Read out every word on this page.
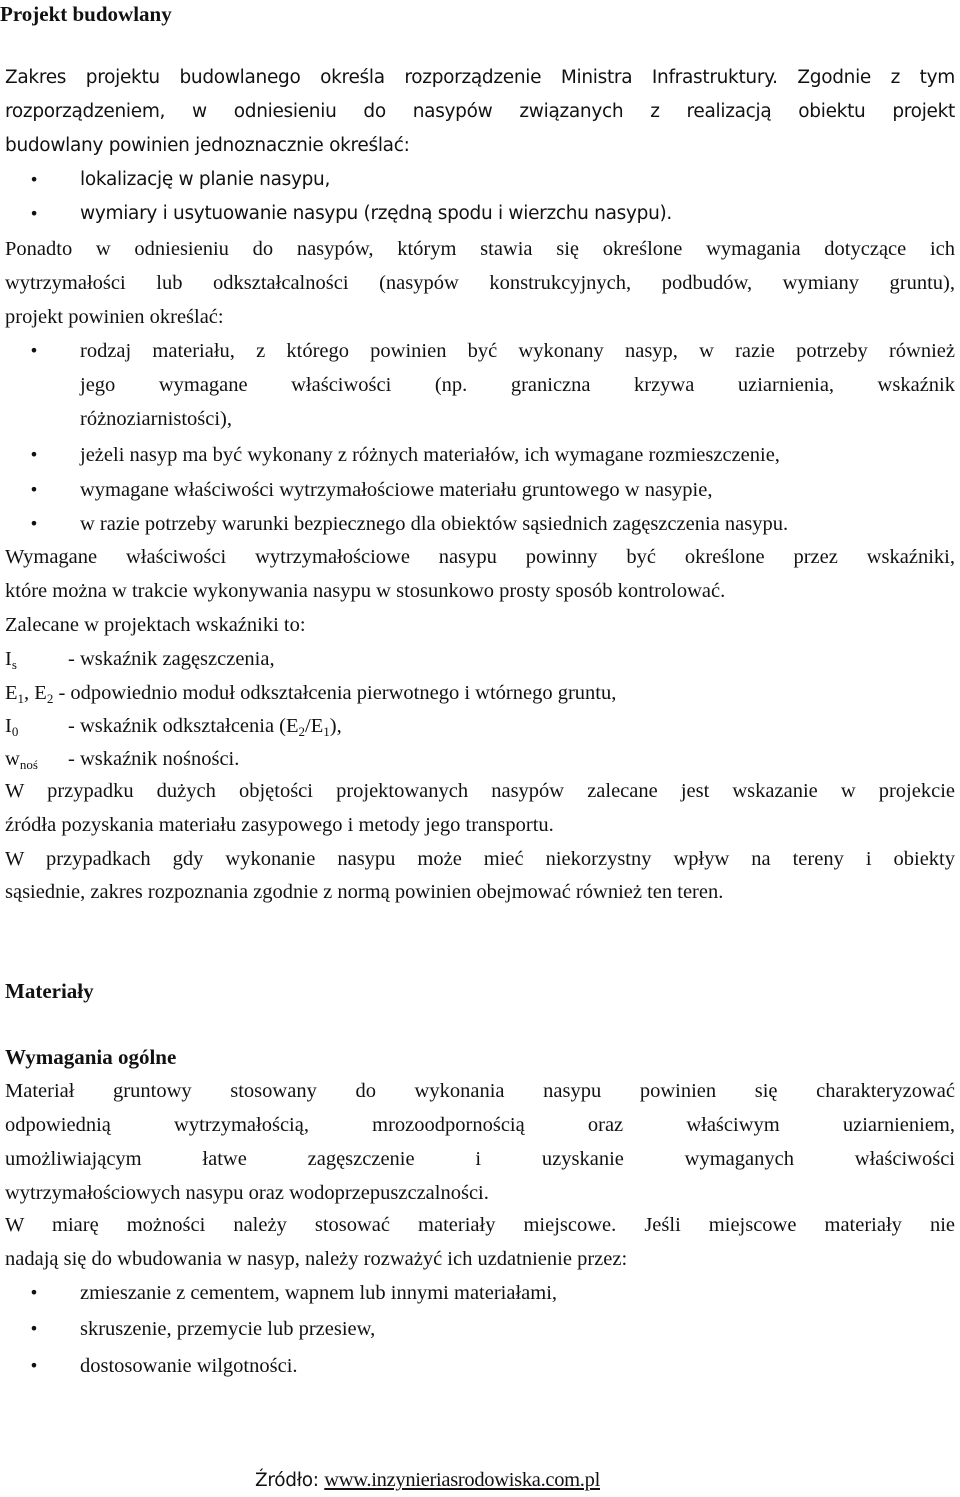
Projekt budowlany
Zakres projektu budowlanego określa rozporządzenie Ministra Infrastruktury. Zgodnie z tym
rozporządzeniem, w odniesieniu do nasypów związanych z realizacją obiektu projekt
budowlany powinien jednoznacznie określać:
• lokalizację w planie nasypu,
• wymiary i usytuowanie nasypu (rzędną spodu i wierzchu nasypu).
Ponadto w odniesieniu do nasypów, którym stawia się określone wymagania dotyczące ich
wytrzymałości lub odkształcalności (nasypów konstrukcyjnych, podbudów, wymiany gruntu),
projekt powinien określać:
• rodzaj materiału, z którego powinien być wykonany nasyp, w razie potrzeby również
jego wymagane właściwości (np. graniczna krzywa uziarnienia, wskaźnik
różnoziarnistości),
• jeżeli nasyp ma być wykonany z różnych materiałów, ich wymagane rozmieszczenie,
• wymagane właściwości wytrzymałościowe materiału gruntowego w nasypie,
• w razie potrzeby warunki bezpiecznego dla obiektów sąsiednich zagęszczenia nasypu.
Wymagane właściwości wytrzymałościowe nasypu powinny być określone przez wskaźniki,
które można w trakcie wykonywania nasypu w stosunkowo prosty sposób kontrolować.
Zalecane w projektach wskaźniki to:
$I_s$ - wskaźnik zagęszczenia,
$E_1$, $E_2$ - odpowiednio moduł odkształcenia pierwotnego i wtórnego gruntu,
$I_0$ - wskaźnik odkształcenia $(E_2/E_1)$,
$w_{noś}$ - wskaźnik nośności.
W przypadku dużych objętości projektowanych nasypów zalecane jest wskazanie w projekcie
źródła pozyskania materiału zasypowego i metody jego transportu.
W przypadkach gdy wykonanie nasypu może mieć niekorzystny wpływ na tereny i obiekty
sąsiednie, zakres rozpoznania zgodnie z normą powinien obejmować również ten teren.
Materiały
Wymagania ogólne
Materiał gruntowy stosowany do wykonania nasypu powinien się charakteryzować
odpowiednią wytrzymałością, mrozoodpornością oraz właściwym uziarnieniem,
umożliwiającym łatwe zagęszczenie i uzyskanie wymaganych właściwości
wytrzymałościowych nasypu oraz wodoprzepuszczalności.
W miarę możności należy stosować materiały miejscowe. Jeśli miejscowe materiały nie
nadają się do wbudowania w nasyp, należy rozważyć ich uzdatnienie przez:
• zmieszanie z cementem, wapnem lub innymi materiałami,
• skruszenie, przemycie lub przesiew,
• dostosowanie wilgotności.
Źródło: www.inzynieriasrodowiska.com.pl
